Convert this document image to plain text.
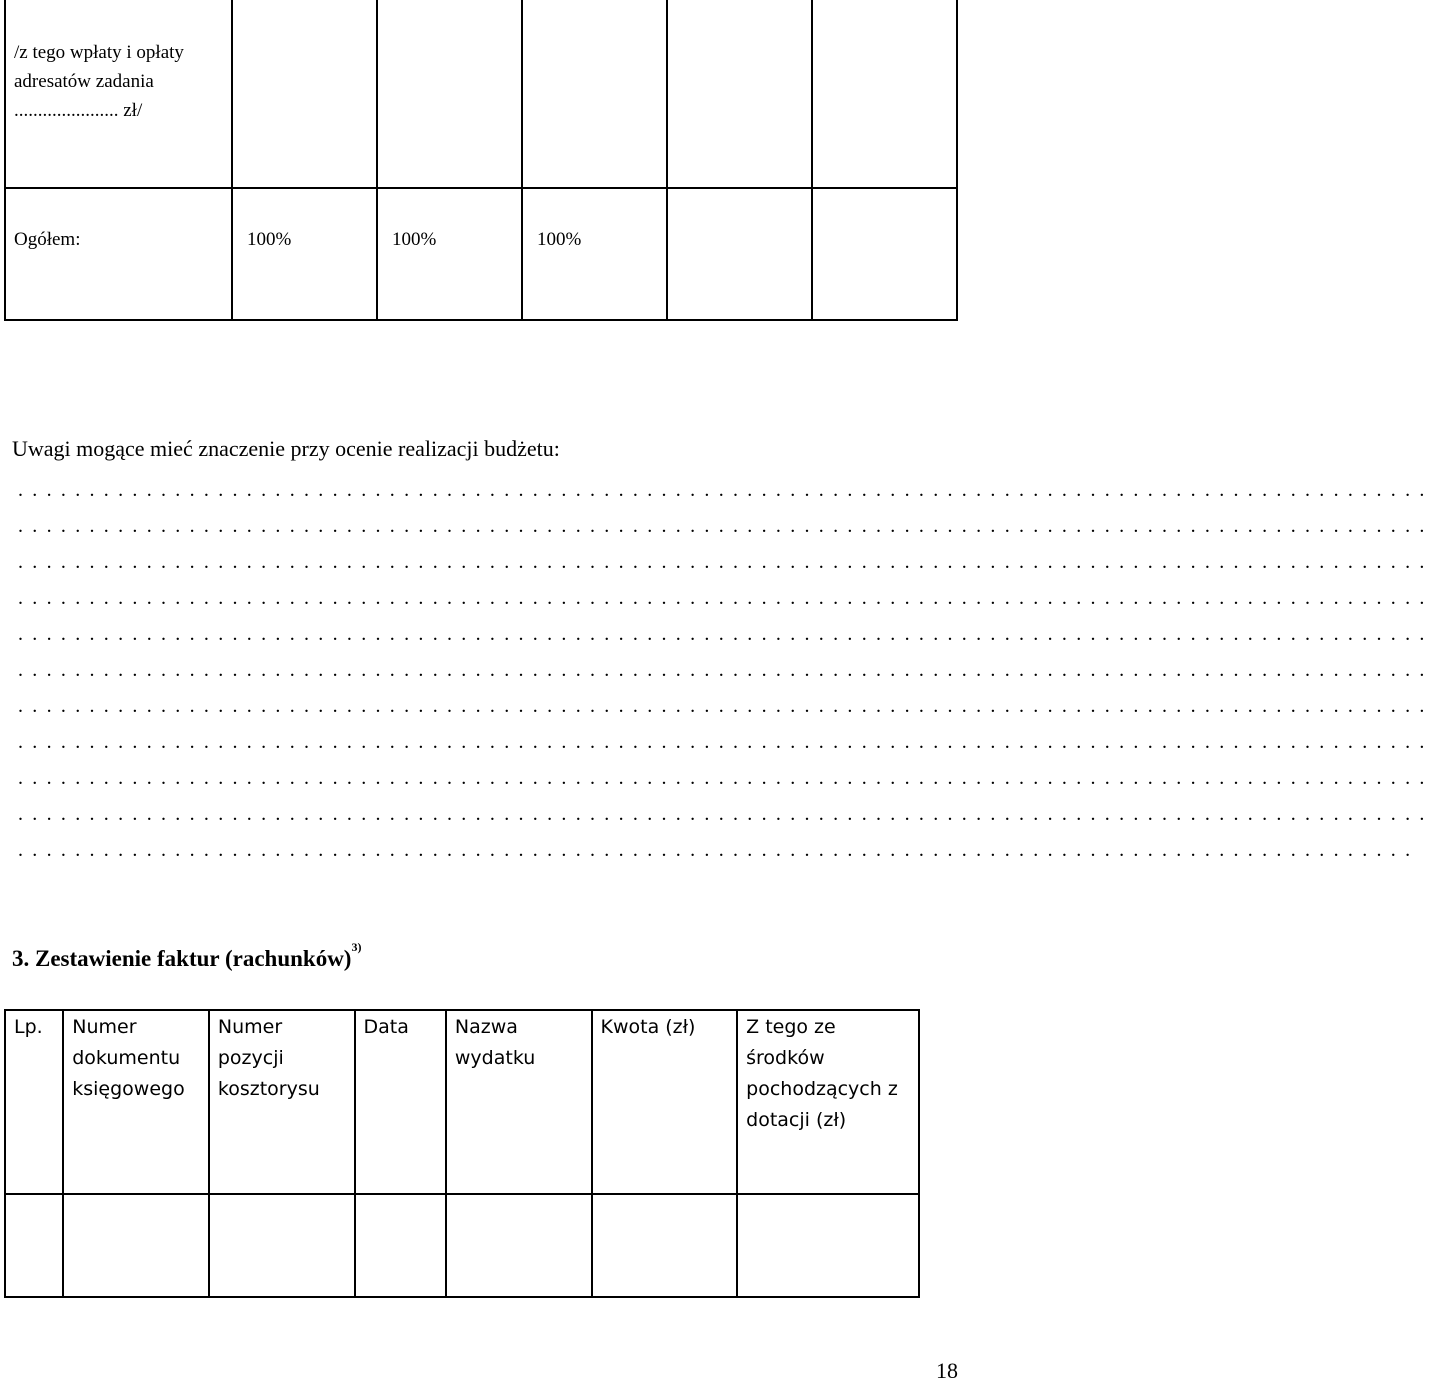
/z tego wpłaty i opłaty adresatów zadania ...................... zł/					
Ogółem:	100%	100%	100%		
Uwagi mogące mieć znaczenie przy ocenie realizacji budżetu:
...................................................................................................
...................................................................................................
...................................................................................................
...................................................................................................
...................................................................................................
...................................................................................................
...................................................................................................
...................................................................................................
...................................................................................................
...................................................................................................
..................................................................................................
3. Zestawienie faktur (rachunków)$^{3)}$
Lp.	Numer dokumentu księgowego	Numer pozycji kosztorysu	Data	Nazwa wydatku	Kwota (zł)	Z tego ze środków pochodzących z dotacji (zł)

18
